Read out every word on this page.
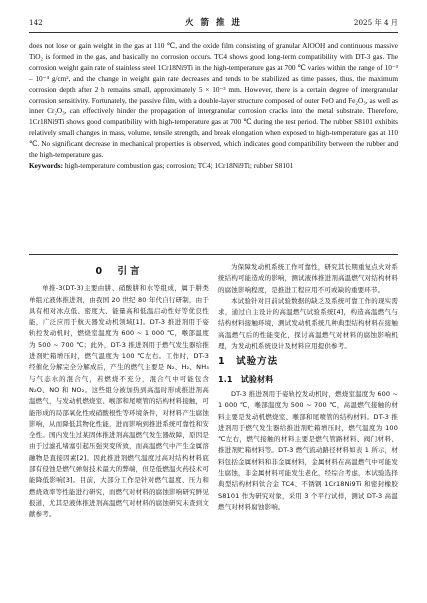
142	火 箭 推 进	2025 年 4 月
does not lose or gain weight in the gas at 110 ℃, and the oxide film consisting of granular AlOOH and continuous massive TiO₂ is formed in the gas, and basically no corrosion occurs. TC4 shows good long-term compatibility with DT-3 gas. The corrosion weight gain rate of stainless steel 1Cr18Ni9Ti in the high-temperature gas at 700 ℃ varies within the range of 10⁻³ – 10⁻⁴ g/cm², and the change in weight gain rate decreases and tends to be stabilized as time passes, thus, the maximum corrosion depth after 2 h remains small, approximately 5 × 10⁻³ mm. However, there is a certain degree of intergranular corrosion sensitivity. Fortunately, the passive film, with a double-layer structure composed of outer FeO and Fe₂O₃, as well as inner Cr₂O₃, can effectively hinder the propagation of intergranular corrosion cracks into the metal substrate. Therefore, 1Cr18Ni9Ti shows good compatibility with high-temperature gas at 700 ℃ during the test period. The rubber S8101 exhibits relatively small changes in mass, volume, tensile strength, and break elongation when exposed to high-temperature gas at 110 ℃. No significant decrease in mechanical properties is observed, which indicates good compatibility between the rubber and the high-temperature gas.
Keywords: high-temperature combustion gas; corrosion; TC4; 1Cr18Ni9Ti; rubber S8101

0　引言

单推-3(DT-3)主要由肼、硝酸肼和水等组成，属于肼类单组元液体推进剂，由我国 20 世纪 80 年代自行研制，由于具有相对冰点低、密度大、能量高和低温启动性好等优良性能，广泛应用于航天器发动机领域[1]。DT-3 推进剂用于姿轨控发动机时，燃烧室温度为 600 ~ 1 000 ℃，喉部温度为 500 ~ 700 ℃；此外，DT-3 推进剂用于燃气发生器给推进剂贮箱增压时，燃气温度为 100 ℃左右。工作时，DT-3 经催化分解完全分解成后，产生的燃气主要是 N₂、H₂、NH₃与气态水的混合气，若燃烧不充分，混合气中可能包含 N₂O、NO 和 NO₂。这些组分被加热到高温时形成推进剂高温燃气，与发动机燃烧室、喉部和尾喷管的结构材料接触，可能形成的局部氧化性或硝酸根性等环境条件，对材料产生腐蚀影响，从而降低其物化性能，进而影响到推进系统可靠性和安全性。国内发生过某固体推进剂高温燃气发生器故障，原因是由于过滤孔堵塞引起压强突变所致，而高温燃气中产生金属溶融物是直接因素[2]。因此推进剂燃气温度过高对结构材料底部有侵蚀是燃气弹射技术最大的弊端，但是低燃温火药技术可能降低影响[3]。目前，大部分工作是针对燃气温度、压力和燃烧效率等性能进行研究，而燃气对材料的腐蚀影响研究鲜见报道，尤其是液体推进剂高温燃气对材料的腐蚀研究未查到文献参考。

为保障发动机系统工作可靠性，研究其长期重复点火对系统结构可能造成的影响，测试液体推进剂高温燃气对结构材料的腐蚀影响程度，是推进工程应用不可或缺的重要环节。

本试验针对目前试验数据的缺乏及系统可靠工作的现实需求，通过自主设计的高温燃气试验系统[4]，构造高温燃气与结构材料接触环境，测试发动机系统几种典型结构材料在接触高温燃气后的性能变化，探讨高温燃气对材料的腐蚀影响机理，为发动机系统设计及材料应用提供参考。

1　试验方法

1.1　试验材料

DT-3 推进剂用于姿轨控发动机时，燃烧室温度为 600 ~ 1 000 ℃，喉部温度为 500 ~ 700 ℃，高温燃气接触的材料主要是发动机燃烧室、喉部和尾喷管的结构材料。DT-3 推进剂用于燃气发生器给推进剂贮箱增压时，燃气温度为 100 ℃左右，燃气接触的材料主要是燃气管路材料、阀门材料、推进剂贮箱材料等。DT-3 燃气流动路径材料如表 1 所示，材料包括金属材料和非金属材料，金属材料在高温燃气中可能发生腐蚀，非金属材料可能发生老化，经综合考虑，本试验选择典型结构材料钛合金 TC4、不锈钢 1Cr18Ni9Ti 和密封橡胶 S8101 作为研究对象，采用 3 个平行试样，测试 DT-3 高温燃气对材料腐蚀影响。
